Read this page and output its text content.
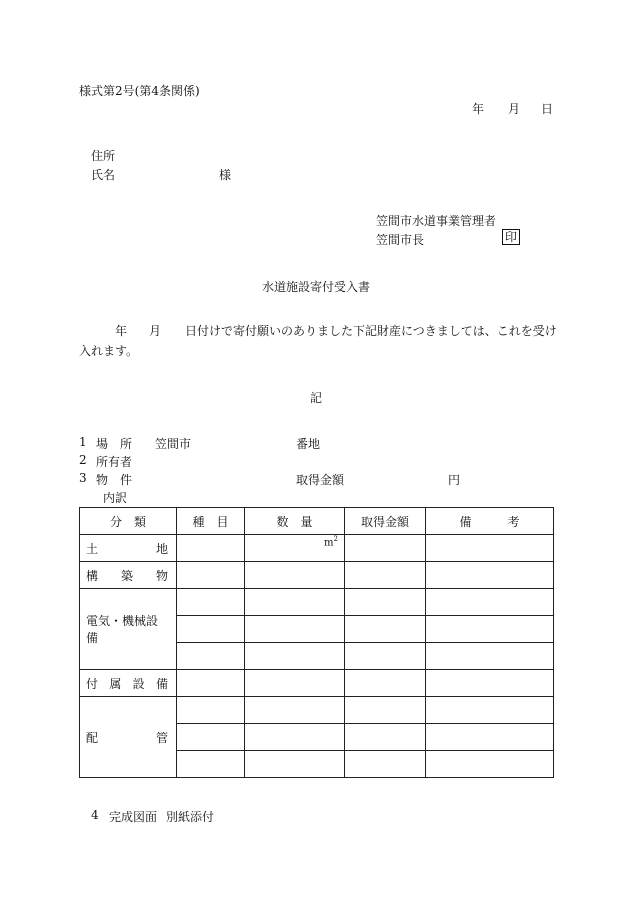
様式第2号(第4条関係)
年 月 日
住所
氏名	様
笠間市水道事業管理者
笠間市長	印
水道施設寄付受入書
年 月 日付けで寄付願いのありました下記財産につきましては、これを受け
入れます。
記
1 場　所 笠間市	番地
2 所有者
3 物　件	取得金額	円
内訳
分　類	種　目	数　量	取得金額	備　　　考

土 地		$m^2$		

構 築 物				

電気・機械設備				

付 属 設 備				

配 管				

4 完成図面 別紙添付
